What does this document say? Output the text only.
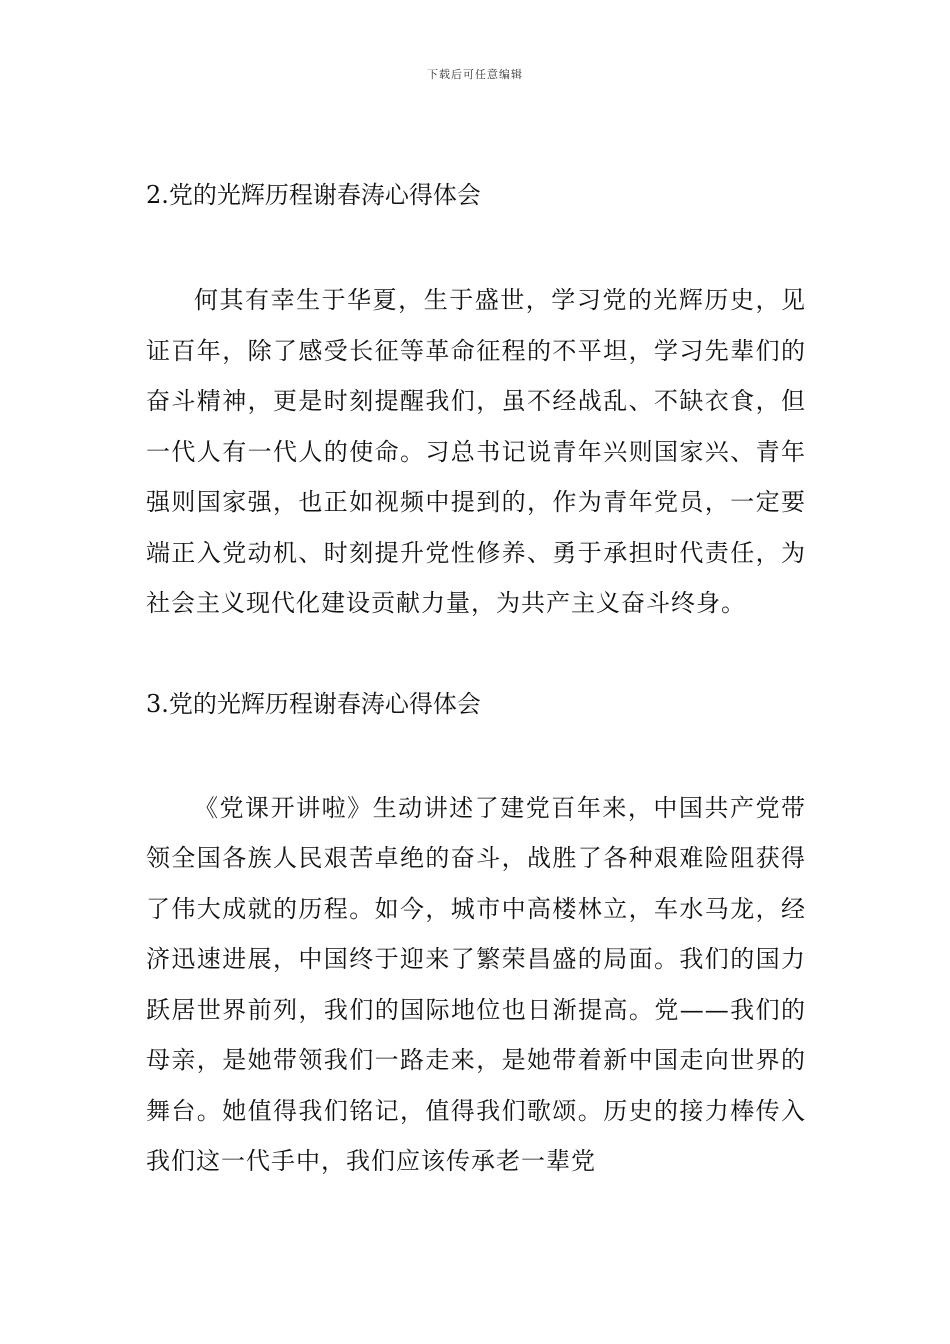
下载后可任意编辑

2.党的光辉历程谢春涛心得体会

何其有幸生于华夏，生于盛世，学习党的光辉历史，见证百年，除了感受长征等革命征程的不平坦，学习先辈们的奋斗精神，更是时刻提醒我们，虽不经战乱、不缺衣食，但一代人有一代人的使命。习总书记说青年兴则国家兴、青年强则国家强，也正如视频中提到的，作为青年党员，一定要端正入党动机、时刻提升党性修养、勇于承担时代责任，为社会主义现代化建设贡献力量，为共产主义奋斗终身。

3.党的光辉历程谢春涛心得体会

《党课开讲啦》生动讲述了建党百年来，中国共产党带领全国各族人民艰苦卓绝的奋斗，战胜了各种艰难险阻获得了伟大成就的历程。如今，城市中高楼林立，车水马龙，经济迅速进展，中国终于迎来了繁荣昌盛的局面。我们的国力跃居世界前列，我们的国际地位也日渐提高。党——我们的母亲，是她带领我们一路走来，是她带着新中国走向世界的舞台。她值得我们铭记，值得我们歌颂。历史的接力棒传入我们这一代手中，我们应该传承老一辈党
